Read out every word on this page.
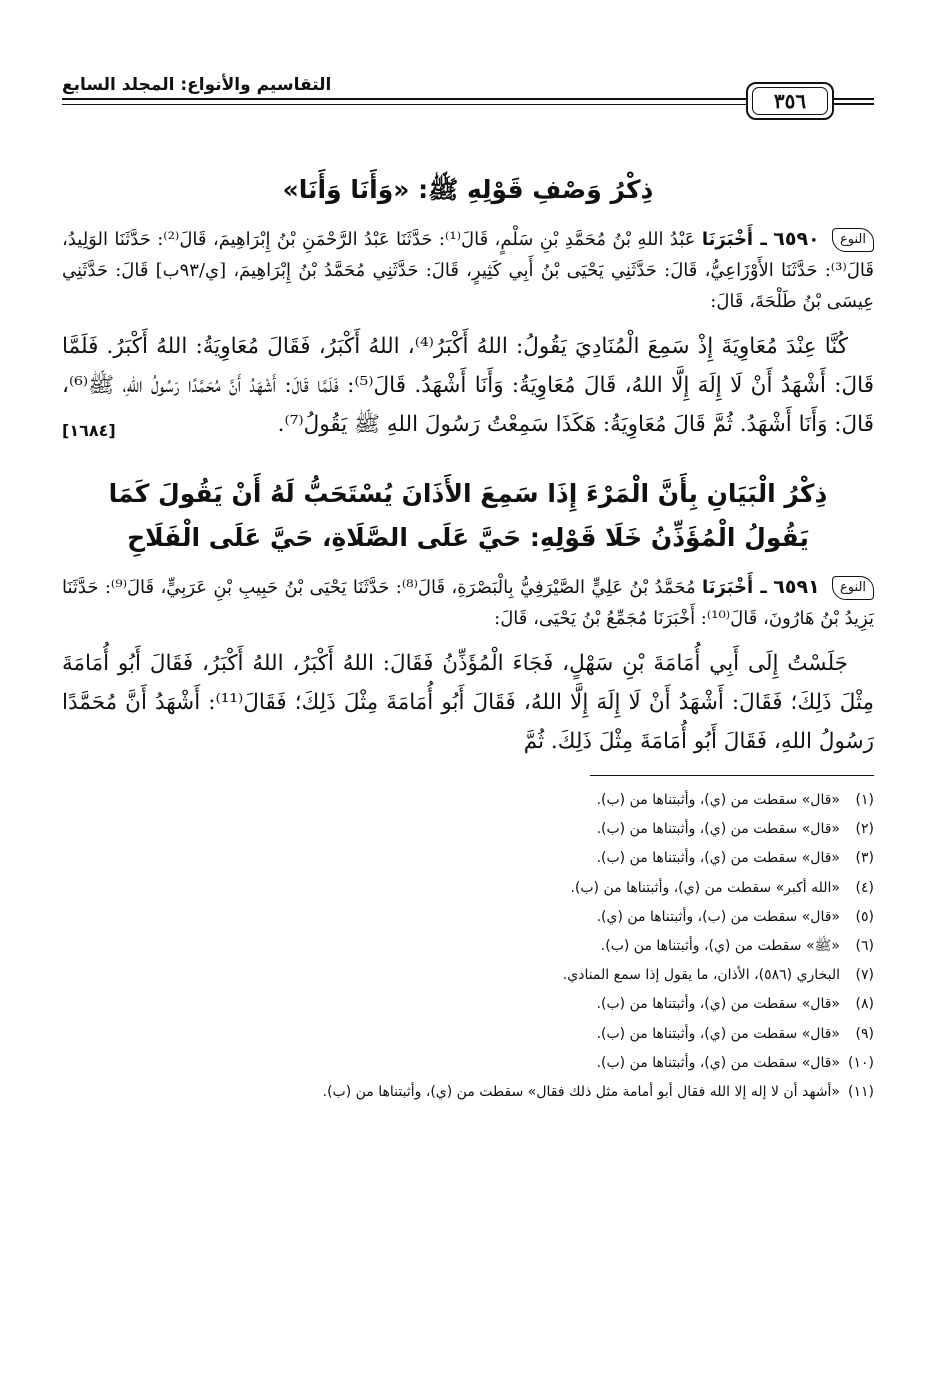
٣٥٦
التقاسيم والأنواع: المجلد السابع
ذِكْرُ وَصْفِ قَوْلِهِ ﷺ: «وَأَنَا وَأَنَا»

النوع ٦٥٩٠ ـ أَخْبَرَنَا عَبْدُ اللهِ بْنُ مُحَمَّدِ بْنِ سَلْمٍ، قَالَ⁽¹⁾: حَدَّثَنَا عَبْدُ الرَّحْمَنِ بْنُ إِبْرَاهِيمَ، قَالَ⁽²⁾: حَدَّثَنَا الوَلِيدُ، قَالَ⁽³⁾: حَدَّثَنَا الأَوْزَاعِيُّ، قَالَ: حَدَّثَنِي يَحْيَى بْنُ أَبِي كَثِيرٍ، قَالَ: حَدَّثَنِي مُحَمَّدُ بْنُ إِبْرَاهِيمَ، [ي/٩٣ب] قَالَ: حَدَّثَنِي عِيسَى بْنُ طَلْحَةَ، قَالَ:

كُنَّا عِنْدَ مُعَاوِيَةَ إِذْ سَمِعَ الْمُنَادِيَ يَقُولُ: اللهُ أَكْبَرُ⁽⁴⁾، اللهُ أَكْبَرُ، فَقَالَ مُعَاوِيَةُ: اللهُ أَكْبَرُ. فَلَمَّا قَالَ: أَشْهَدُ أَنْ لَا إِلَهَ إِلَّا اللهُ، قَالَ مُعَاوِيَةُ: وَأَنَا أَشْهَدُ. قَالَ⁽⁵⁾: فَلَمَّا قَالَ: أَشْهَدُ أَنَّ مُحَمَّدًا رَسُولُ اللهِ، ﷺ⁽⁶⁾، قَالَ: وَأَنَا أَشْهَدُ. ثُمَّ قَالَ مُعَاوِيَةُ: هَكَذَا سَمِعْتُ رَسُولَ اللهِ ﷺ يَقُولُ⁽⁷⁾.
[١٦٨٤]

ذِكْرُ الْبَيَانِ بِأَنَّ الْمَرْءَ إِذَا سَمِعَ الأَذَانَ يُسْتَحَبُّ لَهُ أَنْ يَقُولَ كَمَا
يَقُولُ الْمُؤَذِّنُ خَلَا قَوْلِهِ: حَيَّ عَلَى الصَّلَاةِ، حَيَّ عَلَى الْفَلَاحِ

النوع ٦٥٩١ ـ أَخْبَرَنَا مُحَمَّدُ بْنُ عَلِيٍّ الصَّيْرَفِيُّ بِالْبَصْرَةِ، قَالَ⁽⁸⁾: حَدَّثَنَا يَحْيَى بْنُ حَبِيبِ بْنِ عَرَبِيٍّ، قَالَ⁽⁹⁾: حَدَّثَنَا يَزِيدُ بْنُ هَارُونَ، قَالَ⁽¹⁰⁾: أَخْبَرَنَا مُجَمِّعُ بْنُ يَحْيَى، قَالَ:

جَلَسْتُ إِلَى أَبِي أُمَامَةَ بْنِ سَهْلٍ، فَجَاءَ الْمُؤَذِّنُ فَقَالَ: اللهُ أَكْبَرُ، اللهُ أَكْبَرُ، فَقَالَ أَبُو أُمَامَةَ مِثْلَ ذَلِكَ؛ فَقَالَ: أَشْهَدُ أَنْ لَا إِلَهَ إِلَّا اللهُ، فَقَالَ أَبُو أُمَامَةَ مِثْلَ ذَلِكَ؛ فَقَالَ⁽¹¹⁾: أَشْهَدُ أَنَّ مُحَمَّدًا رَسُولُ اللهِ، فَقَالَ أَبُو أُمَامَةَ مِثْلَ ذَلِكَ. ثُمَّ

(١)«قال» سقطت من (ي)، وأثبتناها من (ب).
(٢)«قال» سقطت من (ي)، وأثبتناها من (ب).
(٣)«قال» سقطت من (ي)، وأثبتناها من (ب).
(٤)«الله أكبر» سقطت من (ي)، وأثبتناها من (ب).
(٥)«قال» سقطت من (ب)، وأثبتناها من (ي).
(٦)«ﷺ» سقطت من (ي)، وأثبتناها من (ب).
(٧)البخاري (٥٨٦)، الأذان، ما يقول إذا سمع المنادي.
(٨)«قال» سقطت من (ي)، وأثبتناها من (ب).
(٩)«قال» سقطت من (ي)، وأثبتناها من (ب).
(١٠)«قال» سقطت من (ي)، وأثبتناها من (ب).
(١١)«أشهد أن لا إله إلا الله فقال أبو أمامة مثل ذلك فقال» سقطت من (ي)، وأثبتناها من (ب).
